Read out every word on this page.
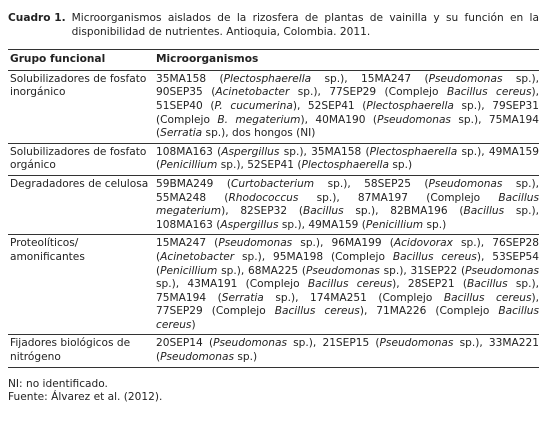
Cuadro 1. Microorganismos aislados de la rizosfera de plantas de vainilla y su función en la disponibilidad de nutrientes. Antioquia, Colombia. 2011.
Grupo funcional	Microorganismos
Solubilizadores de fosfato inorgánico	35MA158 (Plectosphaerella sp.), 15MA247 (Pseudomonas sp.), 90SEP35 (Acinetobacter sp.), 77SEP29 (Complejo Bacillus cereus), 51SEP40 (P. cucumerina), 52SEP41 (Plectosphaerella sp.), 79SEP31 (Complejo B. megaterium), 40MA190 (Pseudomonas sp.), 75MA194 (Serratia sp.), dos hongos (NI)
Solubilizadores de fosfato orgánico	108MA163 (Aspergillus sp.), 35MA158 (Plectosphaerella sp.), 49MA159 (Penicillium sp.), 52SEP41 (Plectosphaerella sp.)
Degradadores de celulosa	59BMA249 (Curtobacterium sp.), 58SEP25 (Pseudomonas sp.), 55MA248 (Rhodococcus sp.), 87MA197 (Complejo Bacillus megaterium), 82SEP32 (Bacillus sp.), 82BMA196 (Bacillus sp.), 108MA163 (Aspergillus sp.), 49MA159 (Penicillium sp.)
Proteolíticos/ amonificantes	15MA247 (Pseudomonas sp.), 96MA199 (Acidovorax sp.), 76SEP28 (Acinetobacter sp.), 95MA198 (Complejo Bacillus cereus), 53SEP54 (Penicillium sp.), 68MA225 (Pseudomonas sp.), 31SEP22 (Pseudomonas sp.), 43MA191 (Complejo Bacillus cereus), 28SEP21 (Bacillus sp.), 75MA194 (Serratia sp.), 174MA251 (Complejo Bacillus cereus), 77SEP29 (Complejo Bacillus cereus), 71MA226 (Complejo Bacillus cereus)
Fijadores biológicos de nitrógeno	20SEP14 (Pseudomonas sp.), 21SEP15 (Pseudomonas sp.), 33MA221 (Pseudomonas sp.)
NI: no identificado.
Fuente: Álvarez et al. (2012).
